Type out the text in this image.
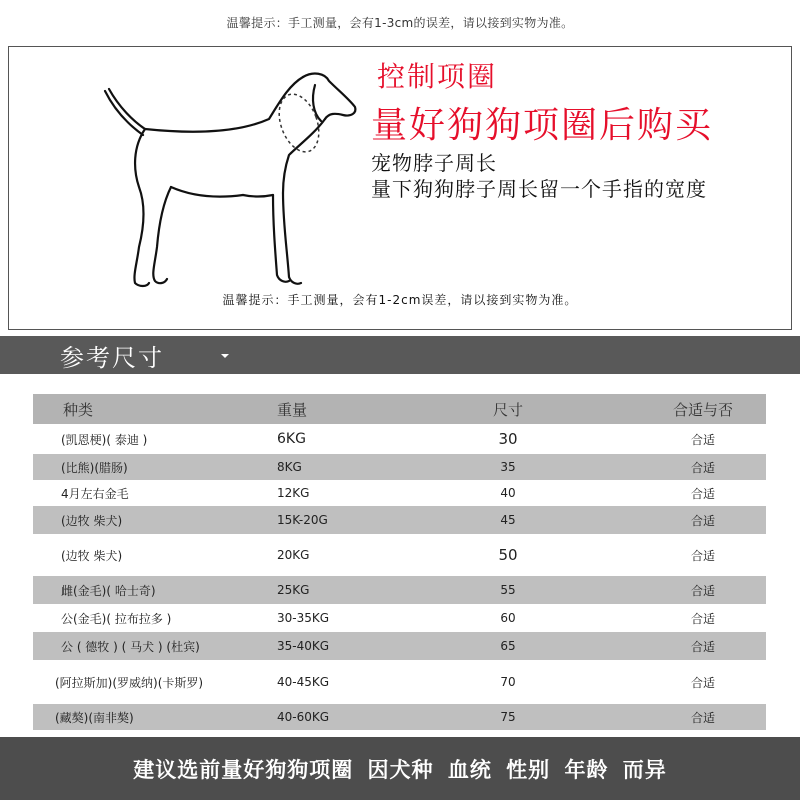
温馨提示：手工测量，会有1-3cm的误差，请以接到实物为准。
控制项圈
量好狗狗项圈后购买
宠物脖子周长
量下狗狗脖子周长留一个手指的宽度
温馨提示：手工测量，会有1-2cm误差，请以接到实物为准。
参考尺寸
种类	重量	尺寸	合适与否
(凯恩梗)( 泰迪 )	6KG	30	合适
(比熊)(腊肠)	8KG	35	合适
4月左右金毛	12KG	40	合适
(边牧 柴犬)	15K-20G	45	合适
(边牧 柴犬)	20KG	50	合适
雌(金毛)( 哈士奇)	25KG	55	合适
公(金毛)( 拉布拉多 )	30-35KG	60	合适
公 ( 德牧 ) ( 马犬 ) (杜宾)	35-40KG	65	合适
(阿拉斯加)(罗威纳)(卡斯罗)	40-45KG	70	合适
(藏獒)(南非獒)	40-60KG	75	合适
建议选前量好狗狗项圈 因犬种 血统 性别 年龄 而异
